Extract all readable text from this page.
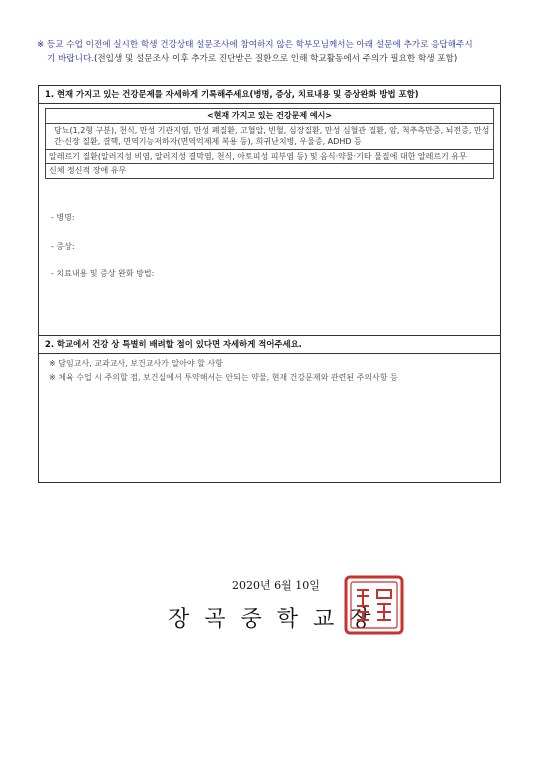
※ 등교 수업 이전에 실시한 학생 건강상태 설문조사에 참여하지 않은 학부모님께서는 아래 설문에 추가로 응답해주시
기 바랍니다.(전입생 및 설문조사 이후 추가로 진단받은 질환으로 인해 학교활동에서 주의가 필요한 학생 포함)
1. 현재 가지고 있는 건강문제를 자세하게 기록해주세요(병명, 증상, 치료내용 및 증상완화 방법 포함)
<현재 가지고 있는 건강문제 예시>
당뇨(1,2형 구분), 천식, 만성 기관지염, 만성 폐질환, 고혈압, 빈혈, 심장질환, 만성 심혈관 질환, 암, 척추측만증, 뇌전증, 만성 간·신장 질환, 결핵, 면역기능저하자(면역억제제 복용 등), 희귀난치병, 우울증, ADHD 등
알레르기 질환(알러지성 비염, 알러지성 결막염, 천식, 아토피성 피부염 등) 및 음식·약물·기타 물질에 대한 알레르기 유무
신체 정신적 장애 유무
- 병명:
- 증상:
- 치료내용 및 증상 완화 방법:
2. 학교에서 건강 상 특별히 배려할 점이 있다면 자세하게 적어주세요.
※ 담임교사, 교과교사, 보건교사가 알아야 할 사항
※ 체육 수업 시 주의할 점, 보건실에서 투약해서는 안되는 약물, 현재 건강문제와 관련된 주의사항 등
2020년 6월 10일
장곡중학교장
